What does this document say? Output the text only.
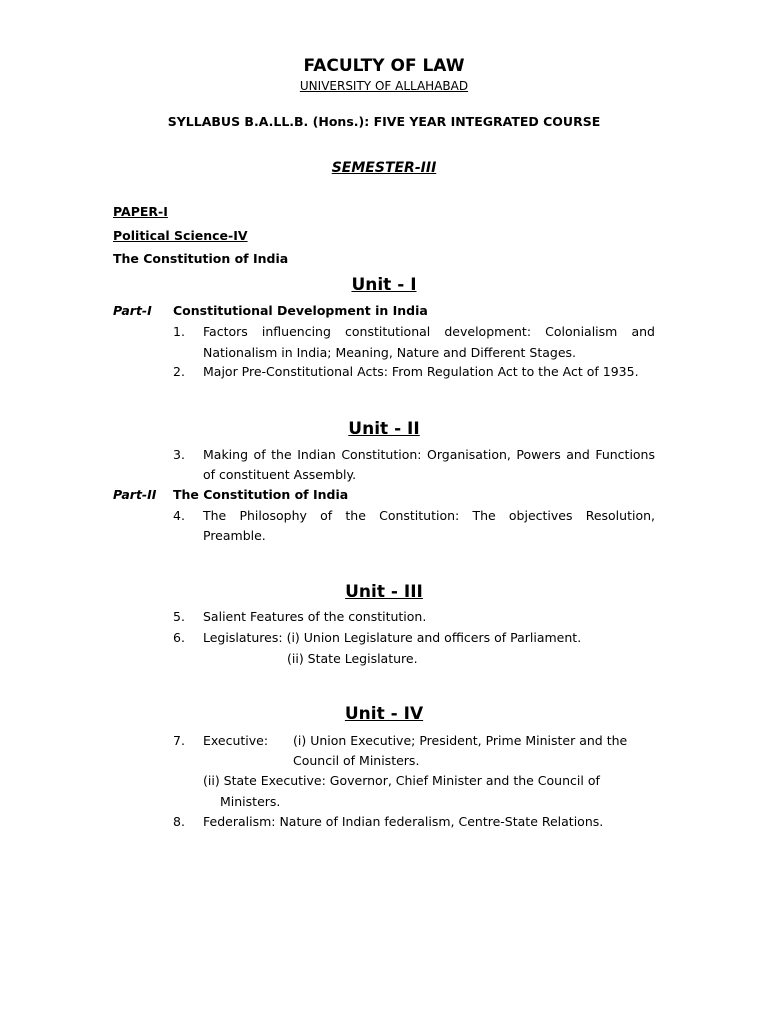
FACULTY OF LAW
UNIVERSITY OF ALLAHABAD
SYLLABUS B.A.LL.B. (Hons.): FIVE YEAR INTEGRATED COURSE
SEMESTER-III
PAPER-I
Political Science-IV
The Constitution of India
Unit - I
Part-I Constitutional Development in India
1. Factors influencing constitutional development: Colonialism and
Nationalism in India; Meaning, Nature and Different Stages.
2. Major Pre-Constitutional Acts: From Regulation Act to the Act of 1935.
Unit - II
3. Making of the Indian Constitution: Organisation, Powers and Functions
of constituent Assembly.
Part-II The Constitution of India
4. The Philosophy of the Constitution: The objectives Resolution,
Preamble.
Unit - III
5. Salient Features of the constitution.
6. Legislatures: (i) Union Legislature and officers of Parliament.
(ii) State Legislature.
Unit - IV
7. Executive: (i) Union Executive; President, Prime Minister and the
Council of Ministers.
(ii) State Executive: Governor, Chief Minister and the Council of
Ministers.
8. Federalism: Nature of Indian federalism, Centre-State Relations.
